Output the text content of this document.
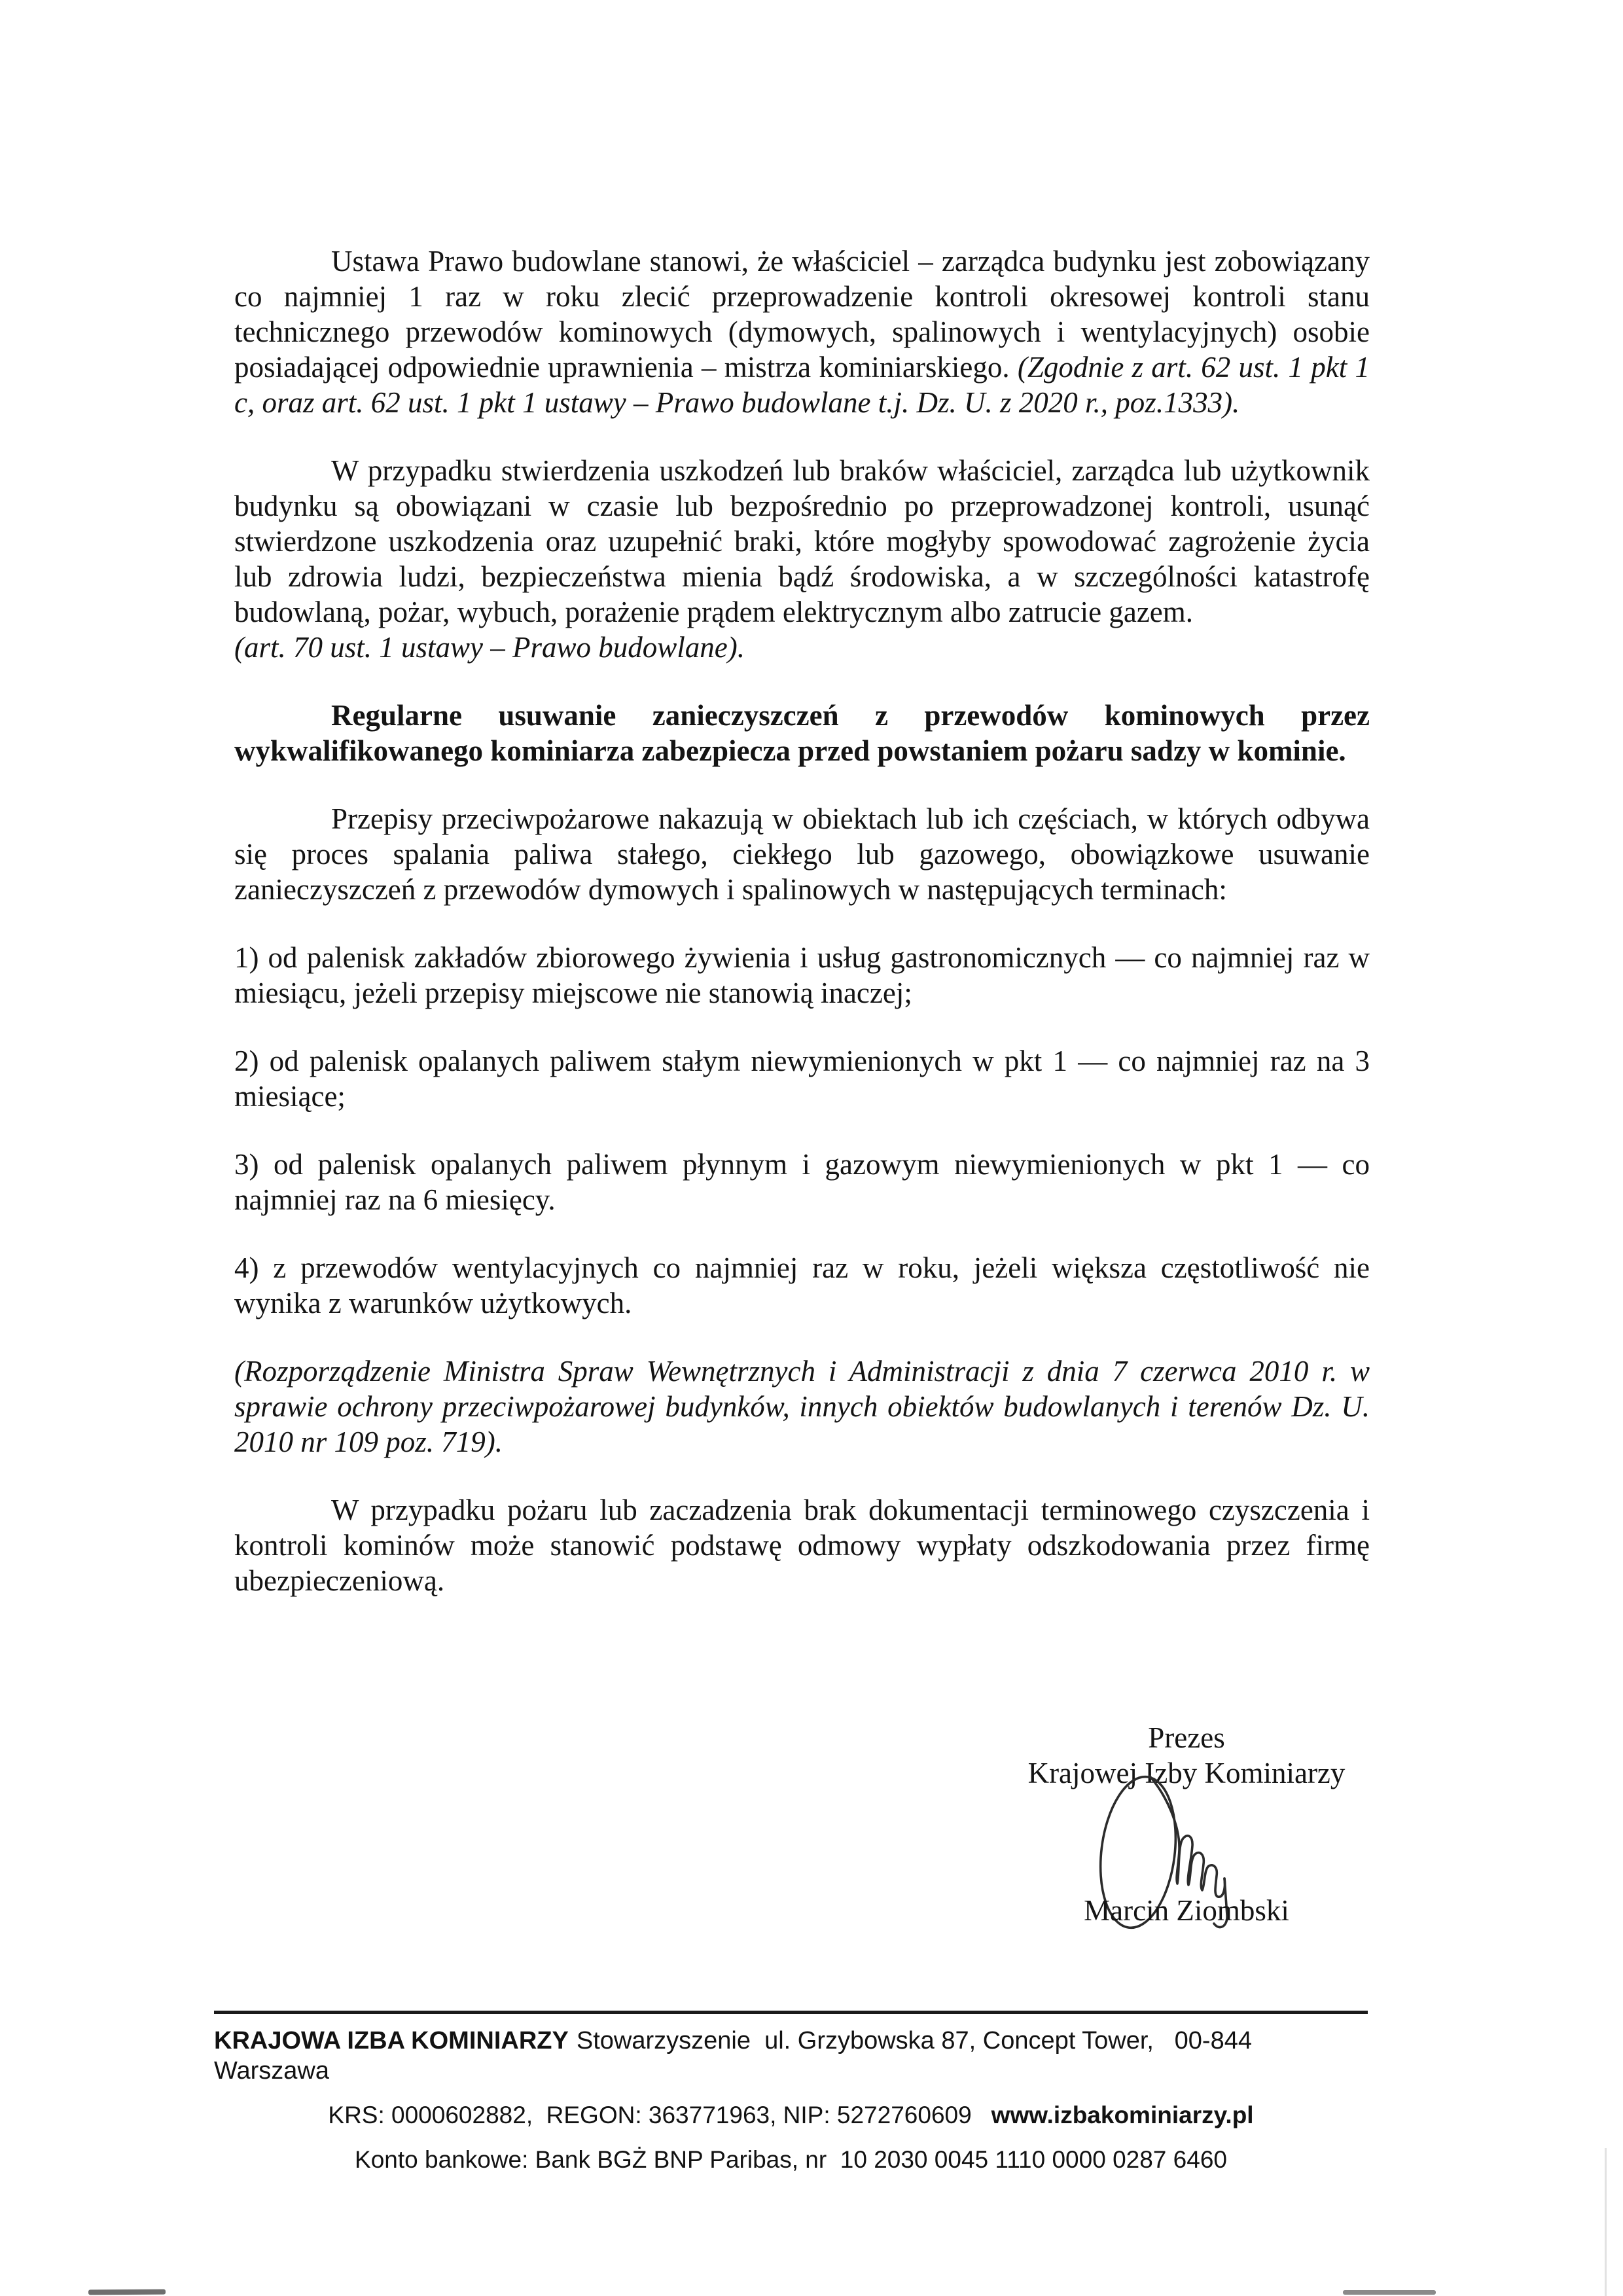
Ustawa Prawo budowlane stanowi, że właściciel – zarządca budynku jest zobowiązany co najmniej 1 raz w roku zlecić przeprowadzenie kontroli okresowej kontroli stanu technicznego przewodów kominowych (dymowych, spalinowych i wentylacyjnych) osobie posiadającej odpowiednie uprawnienia – mistrza kominiarskiego. (Zgodnie z art. 62 ust. 1 pkt 1 c, oraz art. 62 ust. 1 pkt 1 ustawy – Prawo budowlane t.j. Dz. U. z 2020 r., poz.1333).

W przypadku stwierdzenia uszkodzeń lub braków właściciel, zarządca lub użytkownik budynku są obowiązani w czasie lub bezpośrednio po przeprowadzonej kontroli, usunąć stwierdzone uszkodzenia oraz uzupełnić braki, które mogłyby spowodować zagrożenie życia lub zdrowia ludzi, bezpieczeństwa mienia bądź środowiska, a w szczególności katastrofę budowlaną, pożar, wybuch, porażenie prądem elektrycznym albo zatrucie gazem.
(art. 70 ust. 1 ustawy – Prawo budowlane).

Regularne usuwanie zanieczyszczeń z przewodów kominowych przez wykwalifikowanego kominiarza zabezpiecza przed powstaniem pożaru sadzy w kominie.

Przepisy przeciwpożarowe nakazują w obiektach lub ich częściach, w których odbywa się proces spalania paliwa stałego, ciekłego lub gazowego, obowiązkowe usuwanie zanieczyszczeń z przewodów dymowych i spalinowych w następujących terminach:

1) od palenisk zakładów zbiorowego żywienia i usług gastronomicznych — co najmniej raz w miesiącu, jeżeli przepisy miejscowe nie stanowią inaczej;

2) od palenisk opalanych paliwem stałym niewymienionych w pkt 1 — co najmniej raz na 3 miesiące;

3) od palenisk opalanych paliwem płynnym i gazowym niewymienionych w pkt 1 — co najmniej raz na 6 miesięcy.

4) z przewodów wentylacyjnych co najmniej raz w roku, jeżeli większa częstotliwość nie wynika z warunków użytkowych.

(Rozporządzenie Ministra Spraw Wewnętrznych i Administracji z dnia 7 czerwca 2010 r. w sprawie ochrony przeciwpożarowej budynków, innych obiektów budowlanych i terenów Dz. U. 2010 nr 109 poz. 719).

W przypadku pożaru lub zaczadzenia brak dokumentacji terminowego czyszczenia i kontroli kominów może stanowić podstawę odmowy wypłaty odszkodowania przez firmę ubezpieczeniową.

Prezes
Krajowej Izby Kominiarzy
Marcin Ziombski
KRAJOWA IZBA KOMINIARZY Stowarzyszenie  ul. Grzybowska 87, Concept Tower,   00-844 Warszawa
KRS: 0000602882,  REGON: 363771963, NIP: 5272760609 www.izbakominiarzy.pl
Konto bankowe: Bank BGŻ BNP Paribas, nr  10 2030 0045 1110 0000 0287 6460
